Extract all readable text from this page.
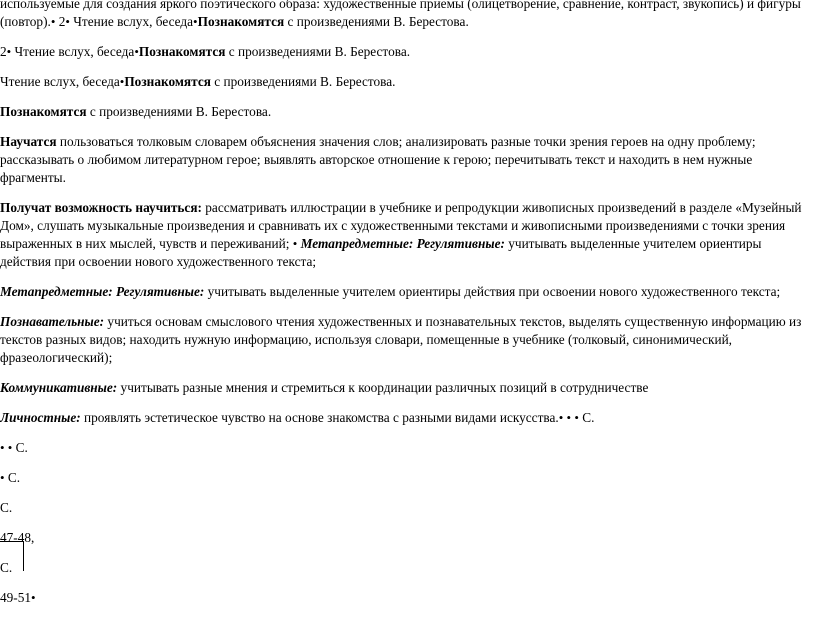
используемые для создания яркого поэтического образа: художественные приемы (олицетворение, сравнение, контраст, звукопись) и фигуры (повтор).• 2• Чтение вслух, беседа•Познакомятся с произведениями В. Берестова.

2• Чтение вслух, беседа•Познакомятся с произведениями В. Берестова.

Чтение вслух, беседа•Познакомятся с произведениями В. Берестова.

Познакомятся с произведениями В. Берестова.

Научатся пользоваться толковым словарем объяснения значения слов; анализировать разные точки зрения героев на одну проблему; рассказывать о любимом литературном герое; выявлять авторское отношение к герою; перечитывать текст и находить в нем нужные фрагменты.

Получат возможность научиться: рассматривать иллюстрации в учебнике и репродукции живописных произведений в разделе «Музейный Дом», слушать музыкальные произведения и сравнивать их с художественными текстами и живописными произведениями с точки зрения выраженных в них мыслей, чувств и переживаний; • Метапредметные: Регулятивные: учитывать выделенные учителем ориентиры действия при освоении нового художественного текста;

Метапредметные: Регулятивные: учитывать выделенные учителем ориентиры действия при освоении нового художественного текста;

Познавательные: учиться основам смыслового чтения художественных и познавательных текстов, выделять существенную информацию из текстов разных видов; находить нужную информацию, используя словари, помещенные в учебнике (толковый, синонимический, фразеологический);

Коммуникативные: учитывать разные мнения и стремиться к координации различных позиций в сотрудничестве

Личностные: проявлять эстетическое чувство на основе знакомства с разными видами искусства.• • • С.

• • С.

• С.

С.

47-48,

С.

49-51•
